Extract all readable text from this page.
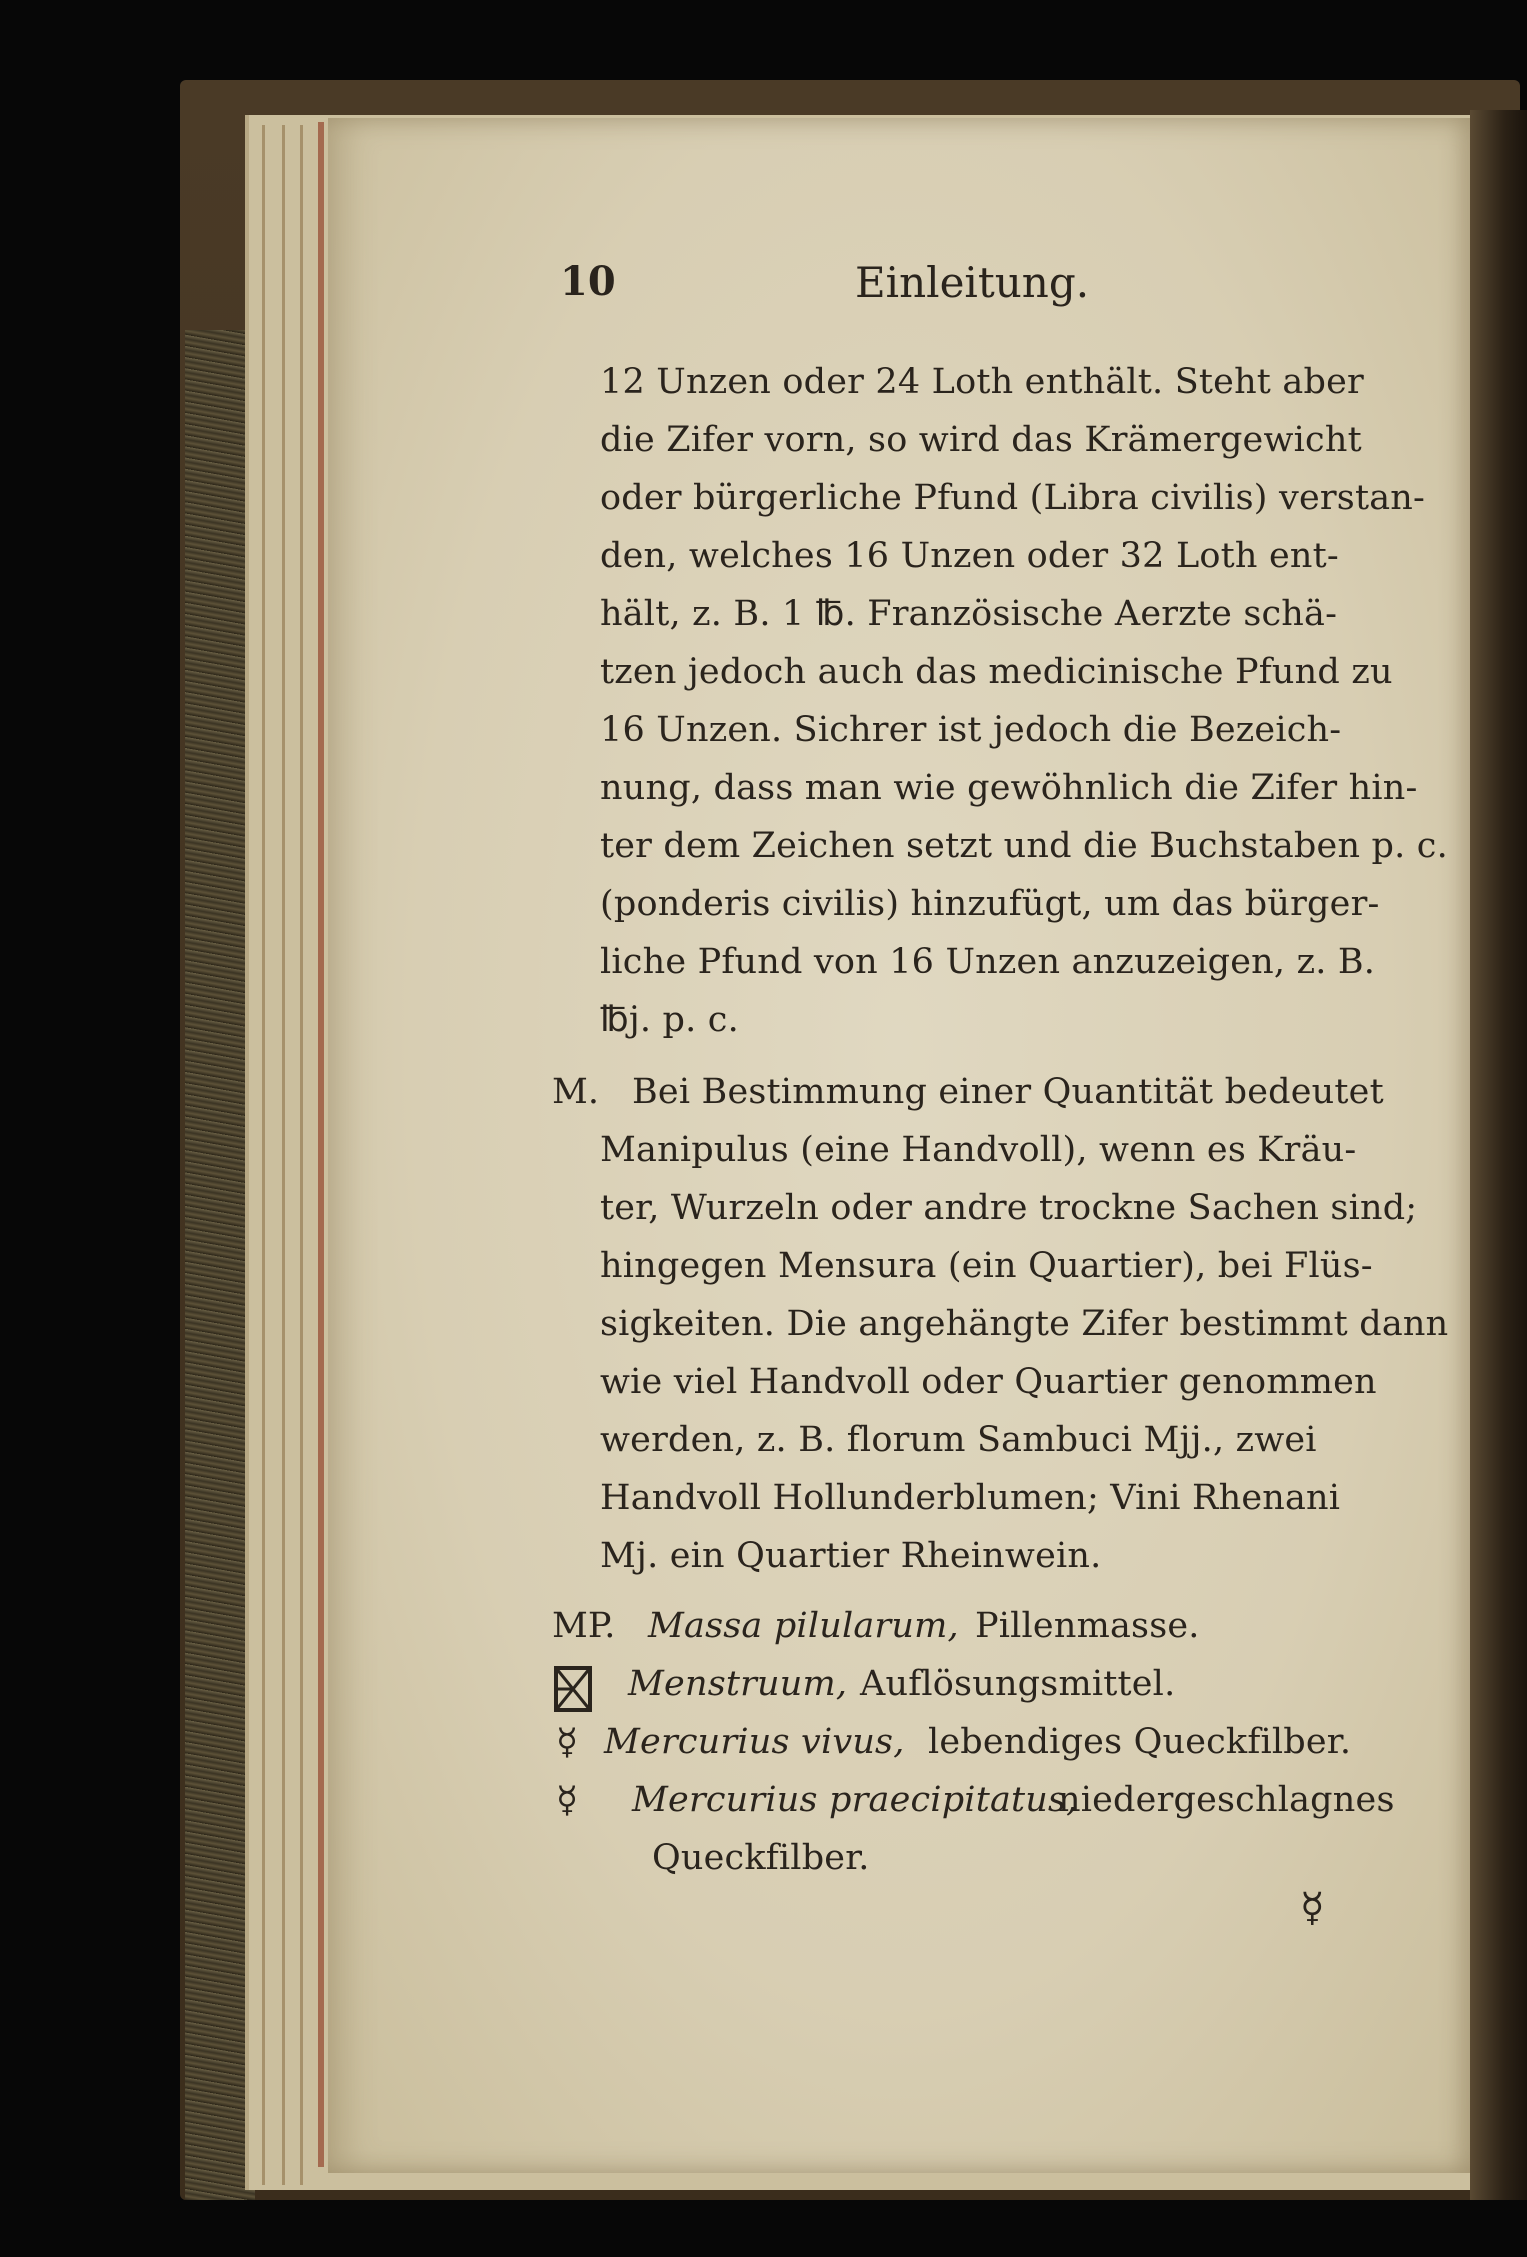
10	Einleitung.
12 Unzen oder 24 Loth enthält. Steht aber
die Zifer vorn, so wird das Krämergewicht
oder bürgerliche Pfund (Libra civilis) verstan-
den, welches 16 Unzen oder 32 Loth ent-
hält, z. B. 1 ℔. Französische Aerzte schä-
tzen jedoch auch das medicinische Pfund zu
16 Unzen. Sichrer ist jedoch die Bezeich-
nung, dass man wie gewöhnlich die Zifer hin-
ter dem Zeichen setzt und die Buchstaben p. c.
(ponderis civilis) hinzufügt, um das bürger-
liche Pfund von 16 Unzen anzuzeigen, z. B.
℔j. p. c.
M. Bei Bestimmung einer Quantität bedeutet
Manipulus (eine Handvoll), wenn es Kräu-
ter, Wurzeln oder andre trockne Sachen sind;
hingegen Mensura (ein Quartier), bei Flüs-
sigkeiten. Die angehängte Zifer bestimmt dann
wie viel Handvoll oder Quartier genommen
werden, z. B. florum Sambuci Mjj., zwei
Handvoll Hollunderblumen; Vini Rhenani
Mj. ein Quartier Rheinwein.
MP. Massa pilularum, Pillenmasse.
Menstruum, Auflösungsmittel.
☿ Mercurius vivus, lebendiges Queckfilber.
☿ Mercurius praecipitatus,
niedergeschlagnes
Queckfilber.
☿
